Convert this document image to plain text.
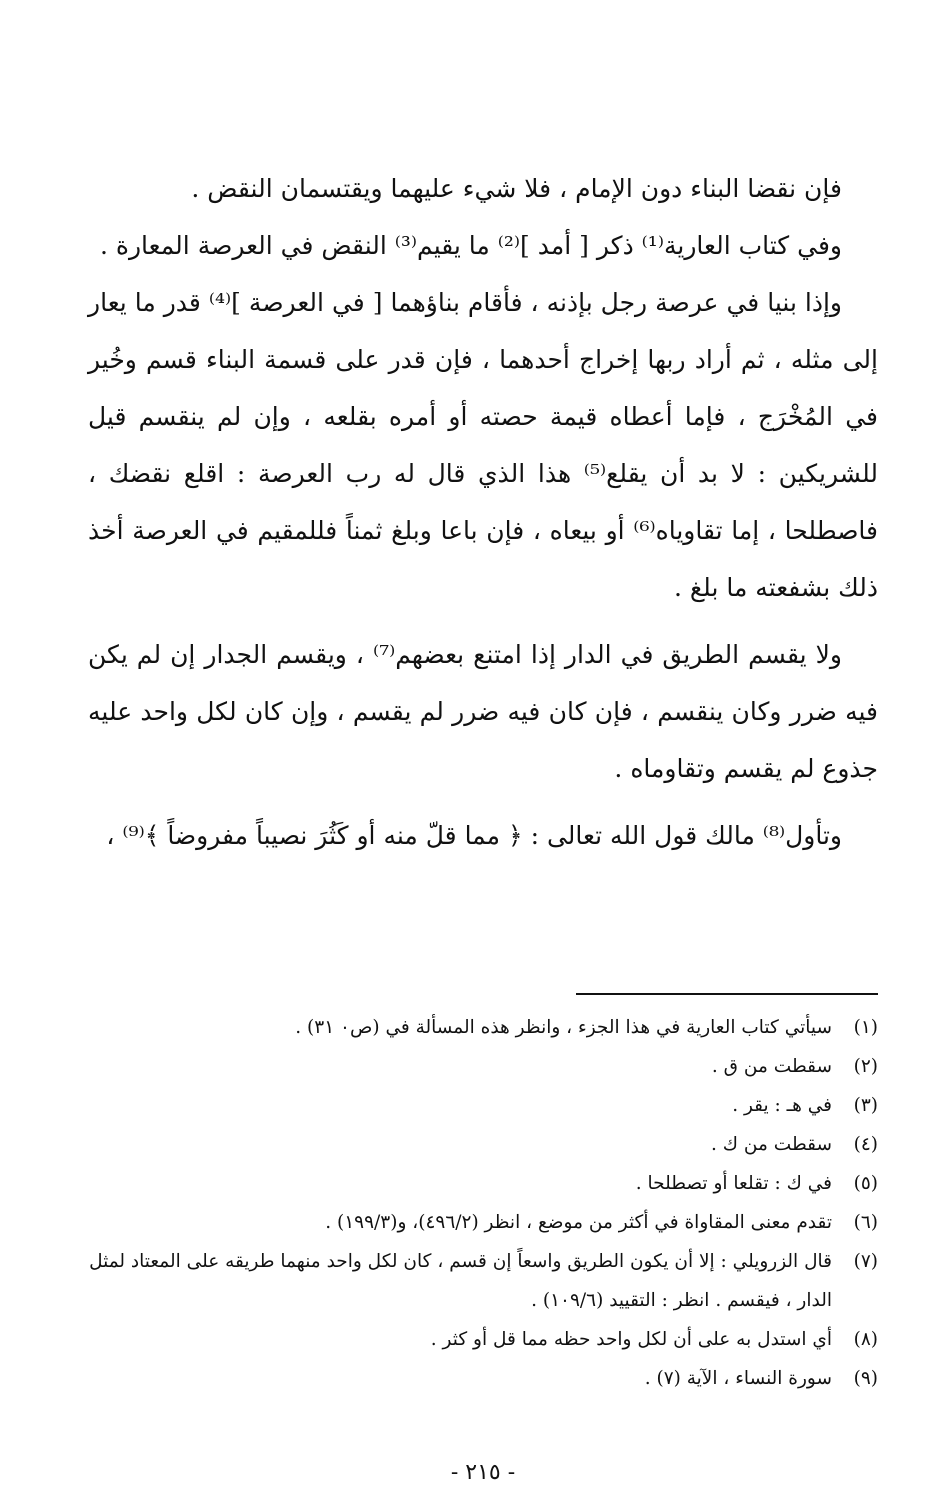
فإن نقضا البناء دون الإمام ، فلا شيء عليهما ويقتسمان النقض .

وفي كتاب العارية⁽¹⁾ ذكر [ أمد ]⁽²⁾ ما يقيم⁽³⁾ النقض في العرصة المعارة .

وإذا بنيا في عرصة رجل بإذنه ، فأقام بناؤهما [ في العرصة ]⁽⁴⁾ قدر ما يعار إلى مثله ، ثم أراد ربها إخراج أحدهما ، فإن قدر على قسمة البناء قسم وخُير في المُخْرَج ، فإما أعطاه قيمة حصته أو أمره بقلعه ، وإن لم ينقسم قيل للشريكين : لا بد أن يقلع⁽⁵⁾ هذا الذي قال له رب العرصة : اقلع نقضك ، فاصطلحا ، إما تقاوياه⁽⁶⁾ أو بيعاه ، فإن باعا وبلغ ثمناً فللمقيم في العرصة أخذ ذلك بشفعته ما بلغ .

ولا يقسم الطريق في الدار إذا امتنع بعضهم⁽⁷⁾ ، ويقسم الجدار إن لم يكن فيه ضرر وكان ينقسم ، فإن كان فيه ضرر لم يقسم ، وإن كان لكل واحد عليه جذوع لم يقسم وتقاوماه .

وتأول⁽⁸⁾ مالك قول الله تعالى : ﴿ مما قلّ منه أو كَثُرَ نصيباً مفروضاً ﴾⁽⁹⁾ ،

(١)
سيأتي كتاب العارية في هذا الجزء ، وانظر هذه المسألة في (ص٠ ٣١) .
(٢)
سقطت من ق .
(٣)
في هـ : يقر .
(٤)
سقطت من ك .
(٥)
في ك : تقلعا أو تصطلحا .
(٦)
تقدم معنى المقاواة في أكثر من موضع ، انظر (٤٩٦/٢)، و(١٩٩/٣) .
(٧)
قال الزرويلي : إلا أن يكون الطريق واسعاً إن قسم ، كان لكل واحد منهما طريقه على المعتاد لمثل الدار ، فيقسم . انظر : التقييد (١٠٩/٦) .
(٨)
أي استدل به على أن لكل واحد حظه مما قل أو كثر .
(٩)
سورة النساء ، الآية (٧) .
- ٢١٥ -
